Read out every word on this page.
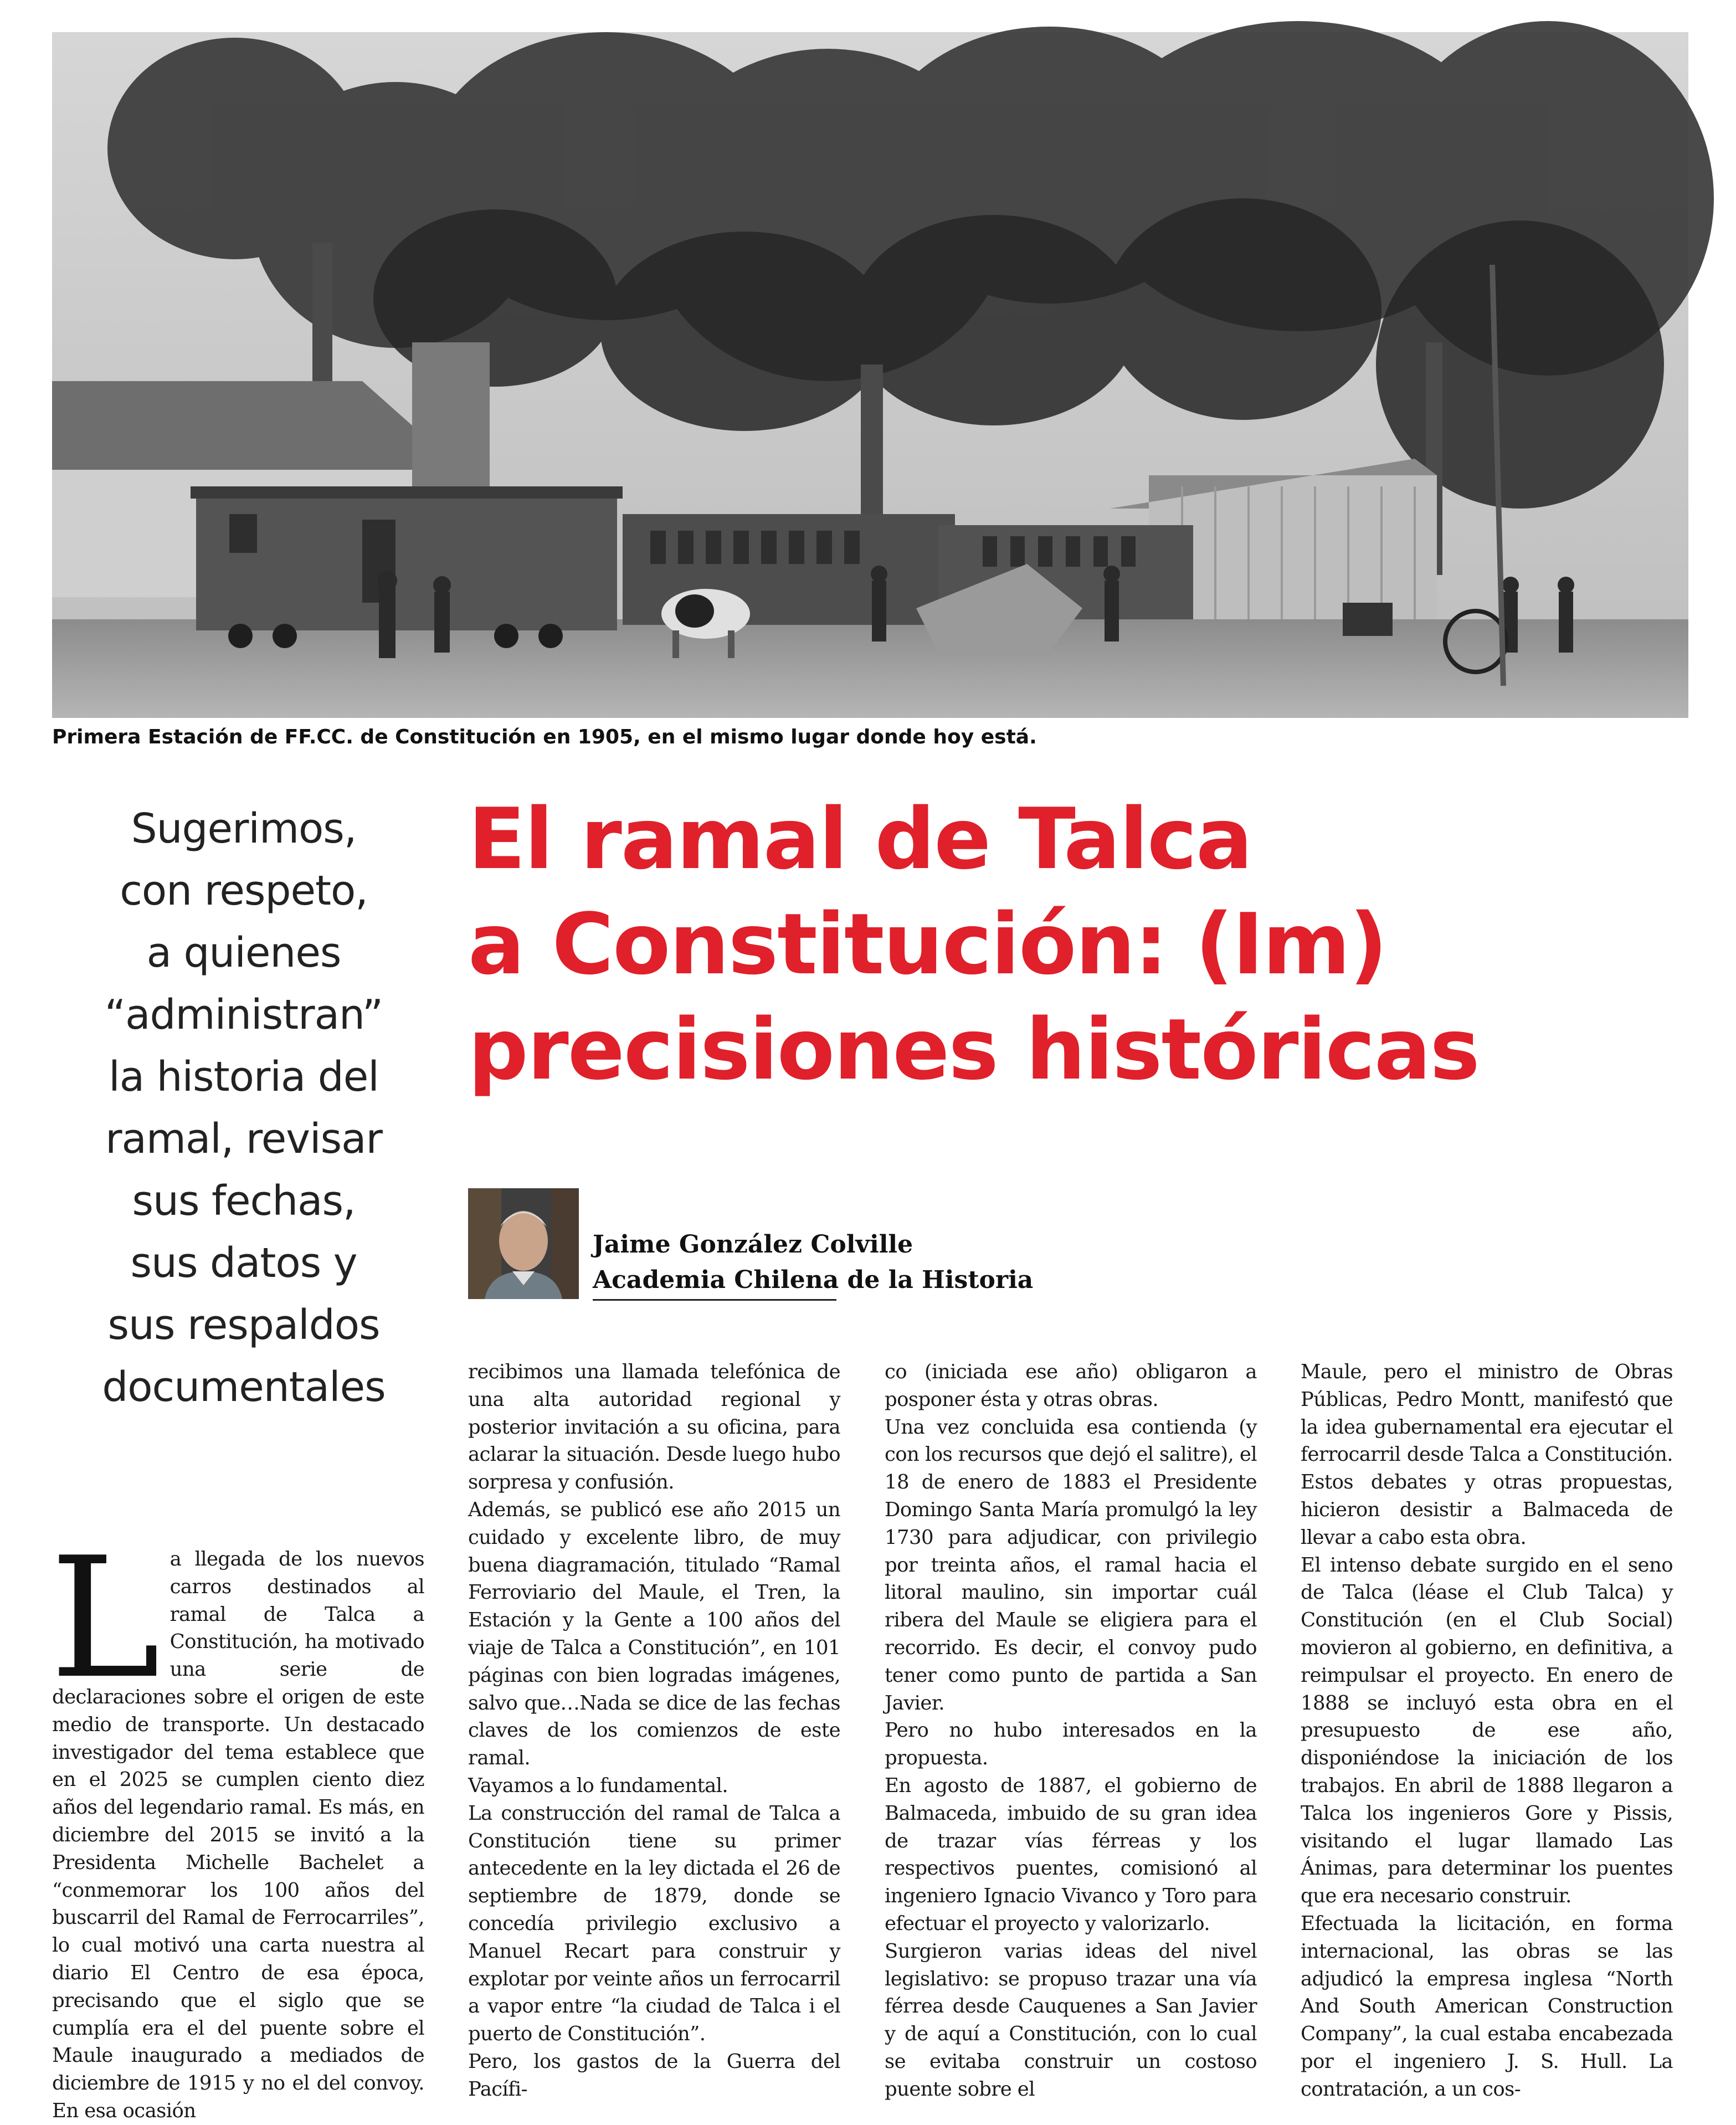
Primera Estación de FF.CC. de Constitución en 1905, en el mismo lugar donde hoy está.
Sugerimos,
con respeto,
a quienes
“administran”
la historia del
ramal, revisar
sus fechas,
sus datos y
sus respaldos
documentales
El ramal de Talca
a Constitución: (Im)
precisiones históricas
Jaime González Colville
Academia Chilena de la Historia
L a llegada de los nuevos carros destinados al ramal de Talca a Constitución, ha motivado una serie de declaraciones sobre el origen de este medio de transporte. Un destacado investigador del tema establece que en el 2025 se cumplen ciento diez años del legendario ramal. Es más, en diciembre del 2015 se invitó a la Presidenta Michelle Bachelet a “conmemorar los 100 años del buscarril del Ramal de Ferrocarriles”, lo cual motivó una carta nuestra al diario El Centro de esa época, precisando que el siglo que se cumplía era el del puente sobre el Maule inaugurado a mediados de diciembre de 1915 y no el del convoy. En esa ocasión

recibimos una llamada telefónica de una alta autoridad regional y posterior invitación a su oficina, para aclarar la situación. Desde luego hubo sorpresa y confusión.

Además, se publicó ese año 2015 un cuidado y excelente libro, de muy buena diagramación, titulado “Ramal Ferroviario del Maule, el Tren, la Estación y la Gente a 100 años del viaje de Talca a Constitución”, en 101 páginas con bien logradas imágenes, salvo que…Nada se dice de las fechas claves de los comienzos de este ramal.

Vayamos a lo fundamental.

La construcción del ramal de Talca a Constitución tiene su primer antecedente en la ley dictada el 26 de septiembre de 1879, donde se concedía privilegio exclusivo a Manuel Recart para construir y explotar por veinte años un ferrocarril a vapor entre “la ciudad de Talca i el puerto de Constitución”.

Pero, los gastos de la Guerra del Pacífi-

co (iniciada ese año) obligaron a posponer ésta y otras obras.

Una vez concluida esa contienda (y con los recursos que dejó el salitre), el 18 de enero de 1883 el Presidente Domingo Santa María promulgó la ley 1730 para adjudicar, con privilegio por treinta años, el ramal hacia el litoral maulino, sin importar cuál ribera del Maule se eligiera para el recorrido. Es decir, el convoy pudo tener como punto de partida a San Javier.

Pero no hubo interesados en la propuesta.

En agosto de 1887, el gobierno de Balmaceda, imbuido de su gran idea de trazar vías férreas y los respectivos puentes, comisionó al ingeniero Ignacio Vivanco y Toro para efectuar el proyecto y valorizarlo.

Surgieron varias ideas del nivel legislativo: se propuso trazar una vía férrea desde Cauquenes a San Javier y de aquí a Constitución, con lo cual se evitaba construir un costoso puente sobre el

Maule, pero el ministro de Obras Públicas, Pedro Montt, manifestó que la idea gubernamental era ejecutar el ferrocarril desde Talca a Constitución. Estos debates y otras propuestas, hicieron desistir a Balmaceda de llevar a cabo esta obra.

El intenso debate surgido en el seno de Talca (léase el Club Talca) y Constitución (en el Club Social) movieron al gobierno, en definitiva, a reimpulsar el proyecto. En enero de 1888 se incluyó esta obra en el presupuesto de ese año, disponiéndose la iniciación de los trabajos. En abril de 1888 llegaron a Talca los ingenieros Gore y Pissis, visitando el lugar llamado Las Ánimas, para determinar los puentes que era necesario construir.

Efectuada la licitación, en forma internacional, las obras se las adjudicó la empresa inglesa “North And South American Construction Company”, la cual estaba encabezada por el ingeniero J. S. Hull. La contratación, a un cos-
